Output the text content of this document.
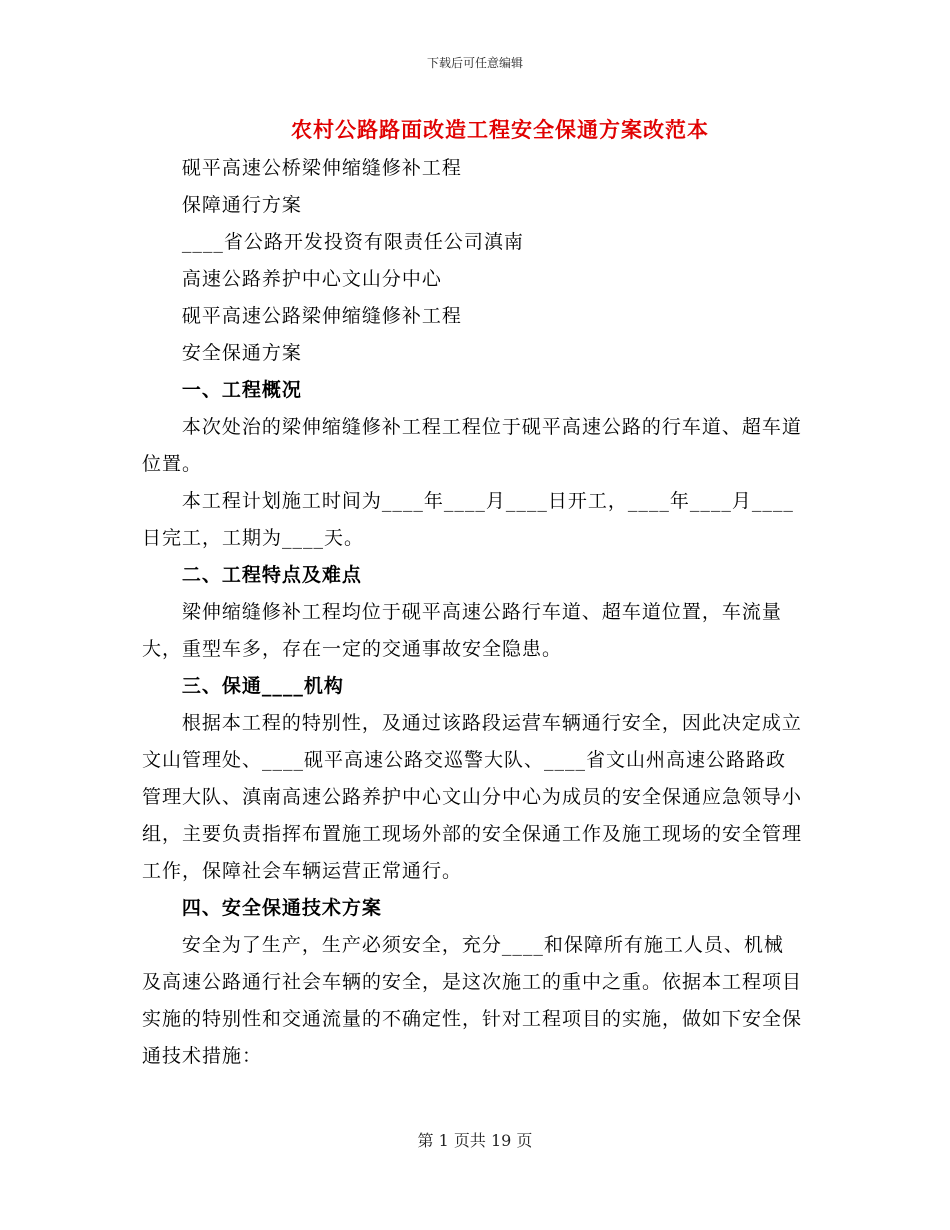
下载后可任意编辑
农村公路路面改造工程安全保通方案改范本

砚平高速公桥梁伸缩缝修补工程

保障通行方案

____省公路开发投资有限责任公司滇南

高速公路养护中心文山分中心

砚平高速公路梁伸缩缝修补工程

安全保通方案

一、工程概况

本次处治的梁伸缩缝修补工程工程位于砚平高速公路的行车道、超车道位置。

本工程计划施工时间为____年____月____日开工，____年____月____日完工，工期为____天。

二、工程特点及难点

梁伸缩缝修补工程均位于砚平高速公路行车道、超车道位置，车流量大，重型车多，存在一定的交通事故安全隐患。

三、保通____机构

根据本工程的特别性，及通过该路段运营车辆通行安全，因此决定成立文山管理处、____砚平高速公路交巡警大队、____省文山州高速公路路政管理大队、滇南高速公路养护中心文山分中心为成员的安全保通应急领导小组，主要负责指挥布置施工现场外部的安全保通工作及施工现场的安全管理工作，保障社会车辆运营正常通行。

四、安全保通技术方案

安全为了生产，生产必须安全，充分____和保障所有施工人员、机械及高速公路通行社会车辆的安全，是这次施工的重中之重。依据本工程项目实施的特别性和交通流量的不确定性，针对工程项目的实施，做如下安全保通技术措施：

第 1 页共 19 页
